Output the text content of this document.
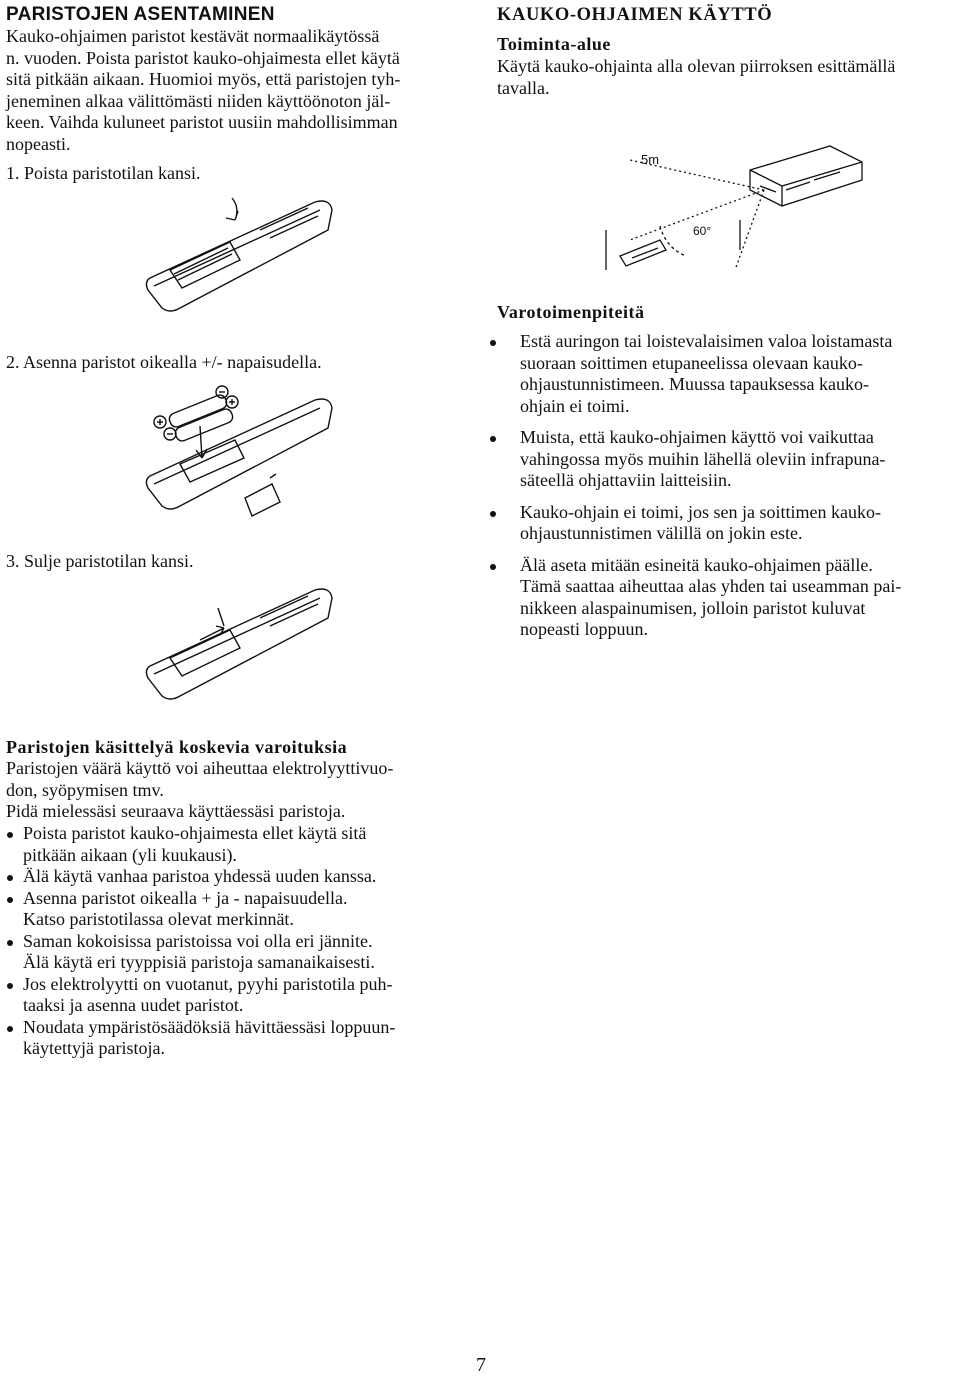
PARISTOJEN ASENTAMINEN
Kauko-ohjaimen paristot kestävät normaalikäytössä
n. vuoden. Poista paristot kauko-ohjaimesta ellet käytä
sitä pitkään aikaan. Huomioi myös, että paristojen tyh-
jeneminen alkaa välittömästi niiden käyttöönoton jäl-
keen. Vaihda kuluneet paristot uusiin mahdollisimman
nopeasti.
1. Poista paristotilan kansi.
2. Asenna paristot oikealla +/- napaisudella.
3. Sulje paristotilan kansi.
KAUKO-OHJAIMEN KÄYTTÖ
Toiminta-alue
Käytä kauko-ohjainta alla olevan piirroksen esittämällä
tavalla.
5m
60°
Varotoimenpiteitä
Estä auringon tai loistevalaisimen valoa loistamasta
suoraan soittimen etupaneelissa olevaan kauko-
ohjaustunnistimeen. Muussa tapauksessa kauko-
ohjain ei toimi.
Muista, että kauko-ohjaimen käyttö voi vaikuttaa
vahingossa myös muihin lähellä oleviin infrapuna-
säteellä ohjattaviin laitteisiin.
Kauko-ohjain ei toimi, jos sen ja soittimen kauko-
ohjaustunnistimen välillä on jokin este.
Älä aseta mitään esineitä kauko-ohjaimen päälle.
Tämä saattaa aiheuttaa alas yhden tai useamman pai-
nikkeen alaspainumisen, jolloin paristot kuluvat
nopeasti loppuun.
Paristojen käsittelyä koskevia varoituksia
Paristojen väärä käyttö voi aiheuttaa elektrolyyttivuo-
don, syöpymisen tmv.
Pidä mielessäsi seuraava käyttäessäsi paristoja.
Poista paristot kauko-ohjaimesta ellet käytä sitä
pitkään aikaan (yli kuukausi).
Älä käytä vanhaa paristoa yhdessä uuden kanssa.
Asenna paristot oikealla + ja - napaisuudella.
Katso paristotilassa olevat merkinnät.
Saman kokoisissa paristoissa voi olla eri jännite.
Älä käytä eri tyyppisiä paristoja samanaikaisesti.
Jos elektrolyytti on vuotanut, pyyhi paristotila puh-
taaksi ja asenna uudet paristot.
Noudata ympäristösäädöksiä hävittäessäsi loppuun-
käytettyjä paristoja.
7
